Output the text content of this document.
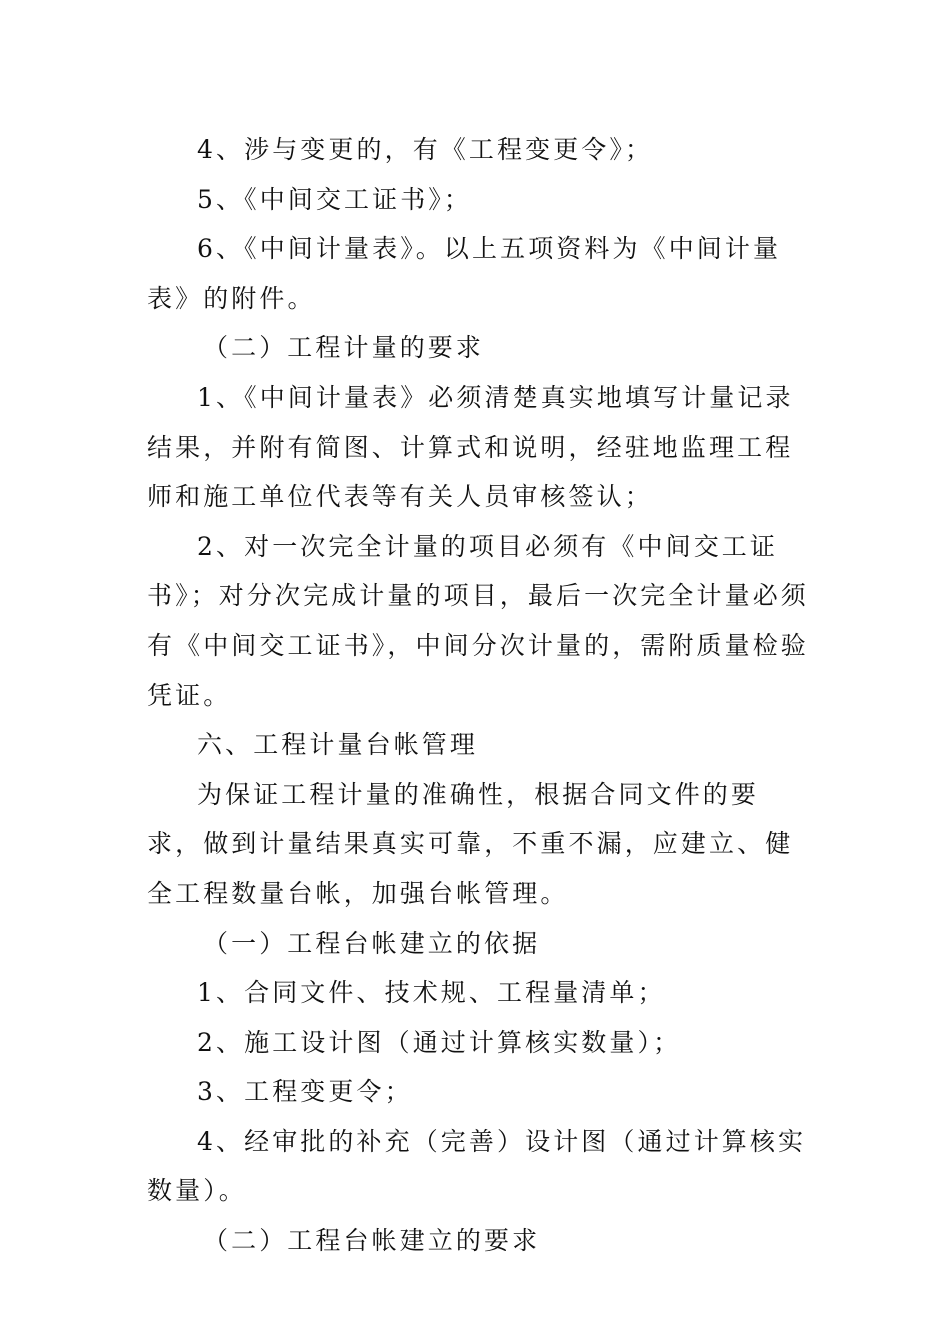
4、涉与变更的，有《工程变更令》；

5、《中间交工证书》；

6、《中间计量表》。以上五项资料为《中间计量表》的附件。

（二）工程计量的要求

1、《中间计量表》必须清楚真实地填写计量记录结果，并附有简图、计算式和说明，经驻地监理工程师和施工单位代表等有关人员审核签认；

2、对一次完全计量的项目必须有《中间交工证书》；对分次完成计量的项目，最后一次完全计量必须有《中间交工证书》，中间分次计量的，需附质量检验凭证。

六、工程计量台帐管理

为保证工程计量的准确性，根据合同文件的要求，做到计量结果真实可靠，不重不漏，应建立、健全工程数量台帐，加强台帐管理。

（一）工程台帐建立的依据

1、合同文件、技术规、工程量清单；

2、施工设计图（通过计算核实数量）；

3、工程变更令；

4、经审批的补充（完善）设计图（通过计算核实数量）。

（二）工程台帐建立的要求
